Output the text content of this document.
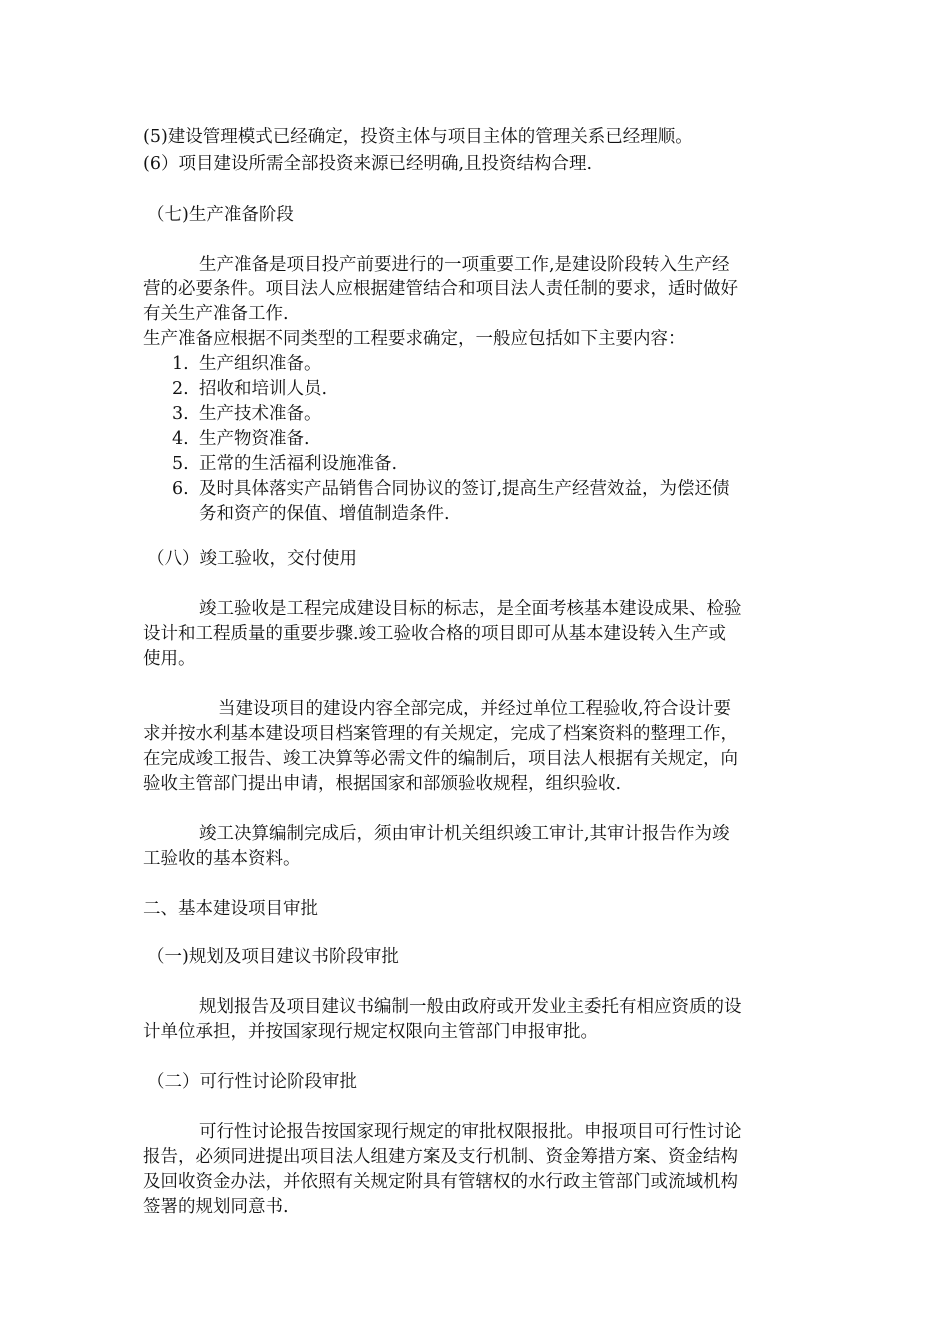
(5)建设管理模式已经确定，投资主体与项目主体的管理关系已经理顺。
(6）项目建设所需全部投资来源已经明确,且投资结构合理.
（七)生产准备阶段
生产准备是项目投产前要进行的一项重要工作,是建设阶段转入生产经
营的必要条件。项目法人应根据建管结合和项目法人责任制的要求，适时做好
有关生产准备工作.
生产准备应根据不同类型的工程要求确定，一般应包括如下主要内容：
1. 生产组织准备。
2. 招收和培训人员.
3. 生产技术准备。
4. 生产物资准备.
5. 正常的生活福利设施准备.
6. 及时具体落实产品销售合同协议的签订,提高生产经营效益，为偿还债
务和资产的保值、增值制造条件.
（八）竣工验收，交付使用
竣工验收是工程完成建设目标的标志，是全面考核基本建设成果、检验
设计和工程质量的重要步骤.竣工验收合格的项目即可从基本建设转入生产或
使用。
当建设项目的建设内容全部完成，并经过单位工程验收,符合设计要
求并按水利基本建设项目档案管理的有关规定，完成了档案资料的整理工作，
在完成竣工报告、竣工决算等必需文件的编制后，项目法人根据有关规定，向
验收主管部门提出申请，根据国家和部颁验收规程，组织验收.
竣工决算编制完成后，须由审计机关组织竣工审计,其审计报告作为竣
工验收的基本资料。
二、基本建设项目审批
（一)规划及项目建议书阶段审批
规划报告及项目建议书编制一般由政府或开发业主委托有相应资质的设
计单位承担，并按国家现行规定权限向主管部门申报审批。
（二）可行性讨论阶段审批
可行性讨论报告按国家现行规定的审批权限报批。申报项目可行性讨论
报告，必须同进提出项目法人组建方案及支行机制、资金筹措方案、资金结构
及回收资金办法，并依照有关规定附具有管辖权的水行政主管部门或流域机构
签署的规划同意书.
